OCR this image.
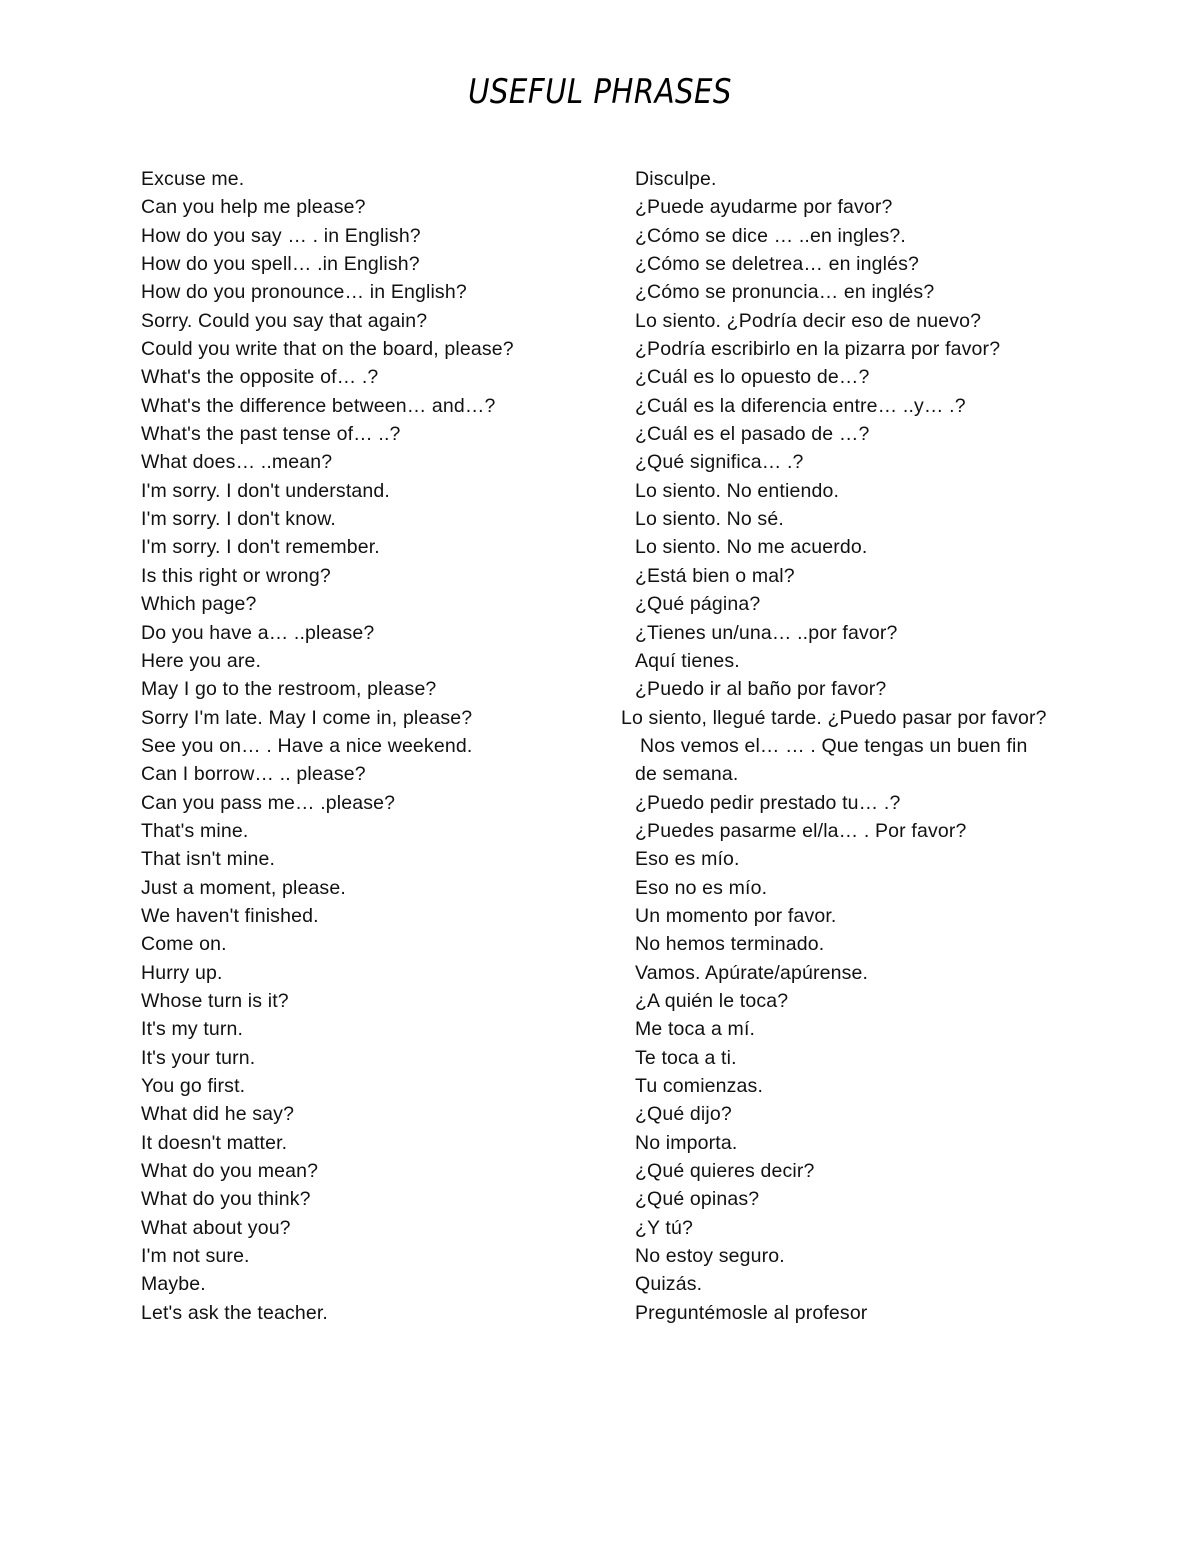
USEFUL PHRASES
Excuse me.
Can you help me please?
How do you say … . in English?
How do you spell… .in English?
How do you pronounce… in English?
Sorry. Could you say that again?
Could you write that on the board, please?
What's the opposite of… .?
What's the difference between… and…?
What's the past tense of… ..?
What does… ..mean?
I'm sorry. I don't understand.
I'm sorry. I don't know.
I'm sorry. I don't remember.
Is this right or wrong?
Which page?
Do you have a… ..please?
Here you are.
May I go to the restroom, please?
Sorry I'm late. May I come in, please?
See you on… . Have a nice weekend.
Can I borrow… .. please?
Can you pass me… .please?
That's mine.
That isn't mine.
Just a moment, please.
We haven't finished.
Come on.
Hurry up.
Whose turn is it?
It's my turn.
It's your turn.
You go first.
What did he say?
It doesn't matter.
What do you mean?
What do you think?
What about you?
I'm not sure.
Maybe.
Let's ask the teacher.
Disculpe.
¿Puede ayudarme por favor?
¿Cómo se dice … ..en ingles?.
¿Cómo se deletrea… en inglés?
¿Cómo se pronuncia… en inglés?
Lo siento. ¿Podría decir eso de nuevo?
¿Podría escribirlo en la pizarra por favor?
¿Cuál es lo opuesto de…?
¿Cuál es la diferencia entre… ..y… .?
¿Cuál es el pasado de …?
¿Qué significa… .?
Lo siento. No entiendo.
Lo siento. No sé.
Lo siento. No me acuerdo.
¿Está bien o mal?
¿Qué página?
¿Tienes un/una… ..por favor?
Aquí tienes.
¿Puedo ir al baño por favor?
Lo siento, llegué tarde. ¿Puedo pasar por favor?
Nos vemos el… … . Que tengas un buen fin
de semana.
¿Puedo pedir prestado tu… .?
¿Puedes pasarme el/la… . Por favor?
Eso es mío.
Eso no es mío.
Un momento por favor.
No hemos terminado.
Vamos. Apúrate/apúrense.
¿A quién le toca?
Me toca a mí.
Te toca a ti.
Tu comienzas.
¿Qué dijo?
No importa.
¿Qué quieres decir?
¿Qué opinas?
¿Y tú?
No estoy seguro.
Quizás.
Preguntémosle al profesor
